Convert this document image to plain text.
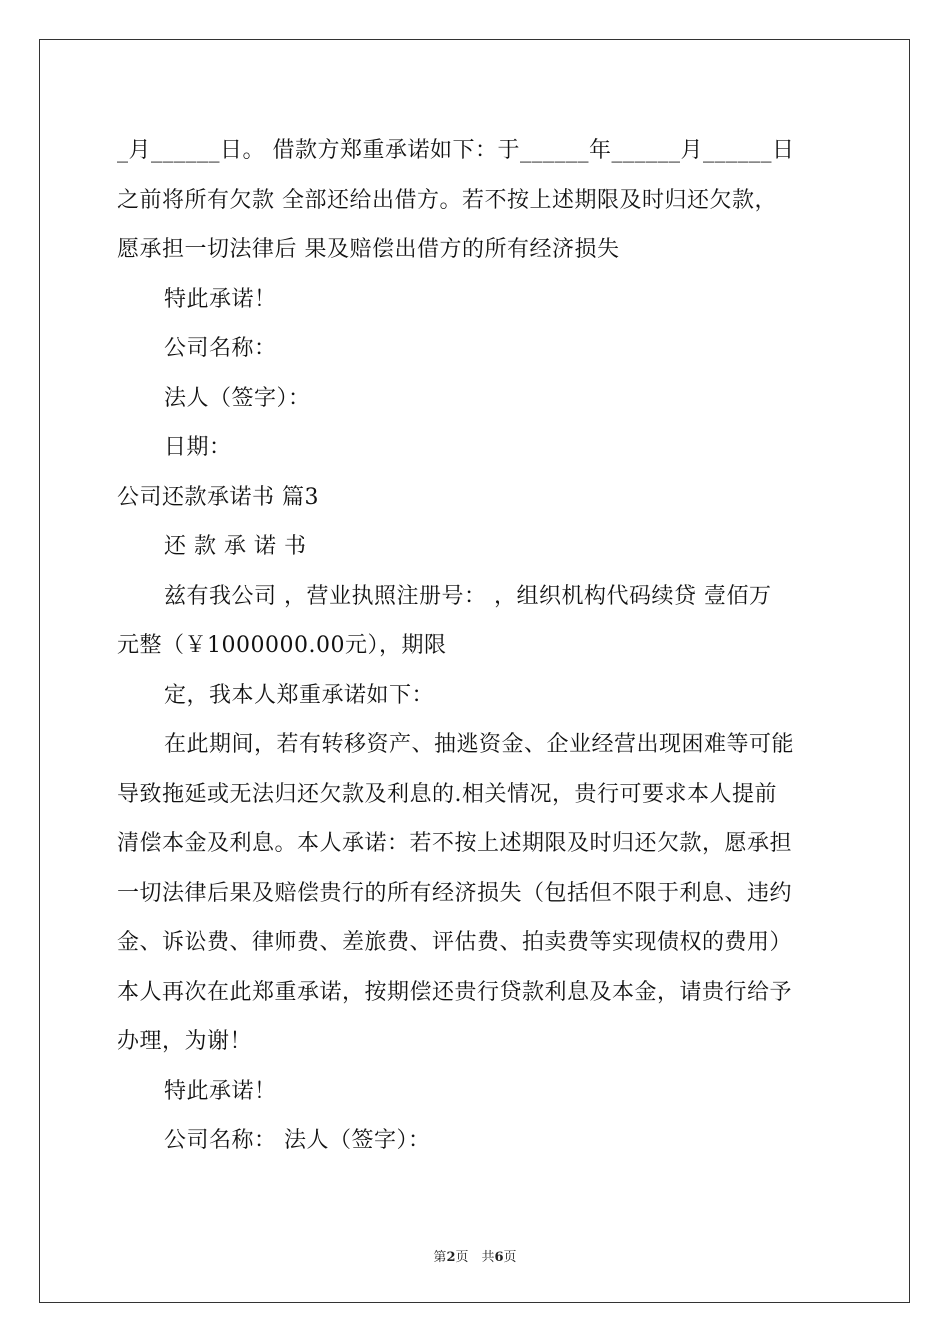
_月______日。 借款方郑重承诺如下：于______年______月______日
之前将所有欠款 全部还给出借方。若不按上述期限及时归还欠款，
愿承担一切法律后 果及赔偿出借方的所有经济损失
特此承诺！
公司名称：
法人（签字）：
日期：
公司还款承诺书 篇3
还 款 承 诺 书
兹有我公司 ，营业执照注册号： ，组织机构代码续贷 壹佰万
元整（￥1000000.00元），期限
定，我本人郑重承诺如下：
在此期间，若有转移资产、抽逃资金、企业经营出现困难等可能
导致拖延或无法归还欠款及利息的.相关情况，贵行可要求本人提前
清偿本金及利息。本人承诺：若不按上述期限及时归还欠款，愿承担
一切法律后果及赔偿贵行的所有经济损失（包括但不限于利息、违约
金、诉讼费、律师费、差旅费、评估费、拍卖费等实现债权的费用）
本人再次在此郑重承诺，按期偿还贵行贷款利息及本金，请贵行给予
办理，为谢！
特此承诺！
公司名称： 法人（签字）：
第2页　共6页
